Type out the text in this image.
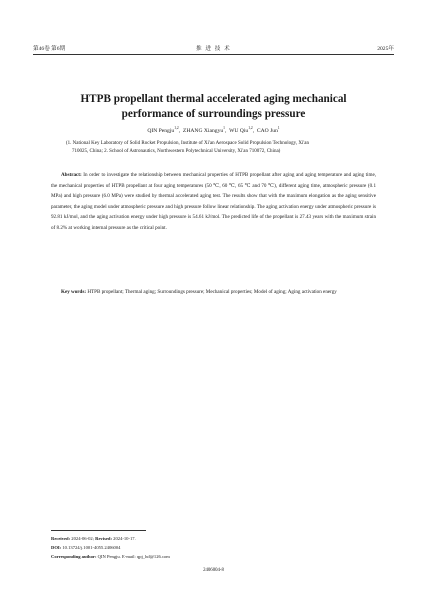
第46卷 第6期	推 进 技 术	2025年
HTPB propellant thermal accelerated aging mechanical
performance of surroundings pressure
QIN Pengju$^{1,2}$,  ZHANG Xiangyu$^1$,  WU Qiu$^{1,2}$,  CAO Jun$^1$
(1. National Key Laboratory of Solid Rocket Propulsion, Institute of Xi'an Aerospace Solid Propulsion Technology, Xi'an
710025, China; 2. School of Astronautics, Northwestern Polytechnical University, Xi'an 710072, China)
Abstract: In order to investigate the relationship between mechanical properties of HTPB propellant after aging and aging temperature and aging time, the mechanical properties of HTPB propellant at four aging temperatures (50 ℃, 60 ℃, 65 ℃ and 70 ℃), different aging time, atmospheric pressure (0.1 MPa) and high pressure (6.0 MPa) were studied by thermal accelerated aging test. The results show that with the maximum elongation as the aging sensitive parameter, the aging model under atmospheric pressure and high pressure follow linear relationship. The aging activation energy under atmospheric pressure is 92.81 kJ/mol, and the aging activation energy under high pressure is 54.61 kJ/mol. The predicted life of the propellant is 27.43 years with the maximum strain of 8.2% at working internal pressure as the critical point.
Key words: HTPB propellant; Thermal aging; Surroundings pressure; Mechanical properties; Model of aging; Aging activation energy
Received: 2024-06-02; Revised: 2024-10-17.
DOI: 10.13724/j.1001-4055.2406004
Corresponding author: QIN Pengju. E-mail: qpj_hd@126.com
2406004-8
